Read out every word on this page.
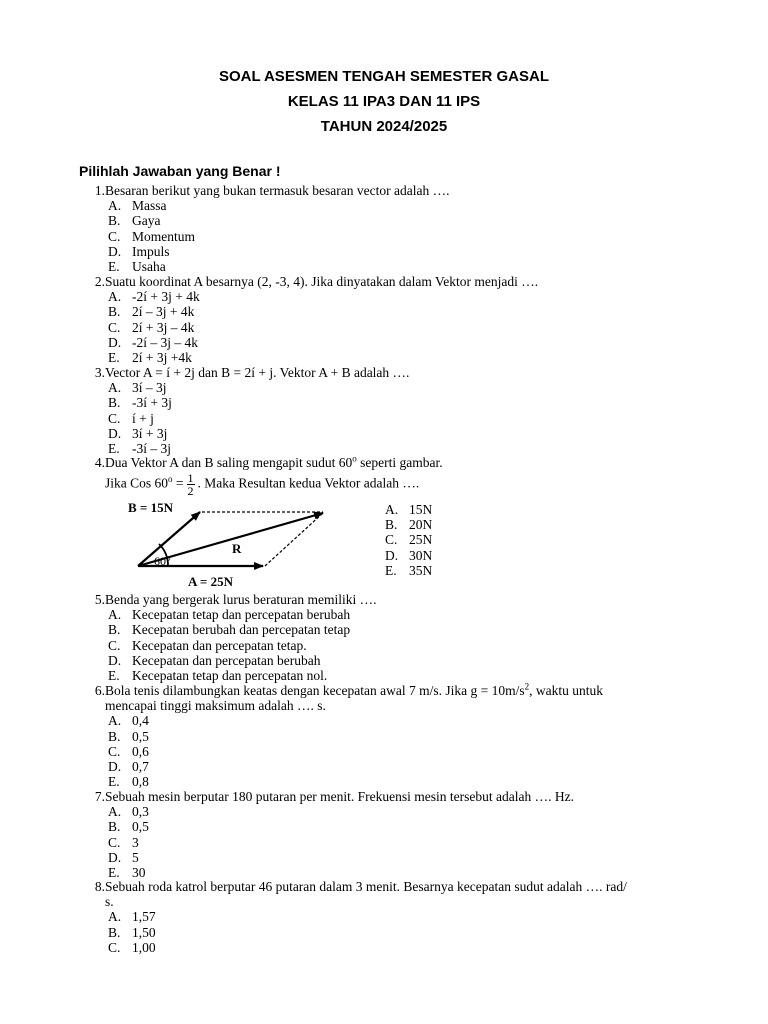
SOAL ASESMEN TENGAH SEMESTER GASAL
KELAS 11 IPA3 DAN 11 IPS
TAHUN 2024/2025
Pilihlah Jawaban yang Benar !
1. Besaran berikut yang bukan termasuk besaran vector adalah ….
A. Massa
B. Gaya
C. Momentum
D. Impuls
E. Usaha
2. Suatu koordinat A besarnya (2, -3, 4). Jika dinyatakan dalam Vektor menjadi ….
A. -2í + 3j + 4k
B. 2í – 3j + 4k
C. 2í + 3j – 4k
D. -2í – 3j – 4k
E. 2í + 3j +4k
3. Vector A = í + 2j dan B = 2í + j. Vektor A + B adalah ….
A. 3í – 3j
B. -3í + 3j
C. í + j
D. 3í + 3j
E. -3í – 3j
4. Dua Vektor A dan B saling mengapit sudut 60$^o$ seperti gambar.
Jika Cos $60^o = \frac{1}{2}$ . Maka Resultan kedua Vektor adalah ….
A. 15N
B. 20N
C. 25N
D. 30N
E. 35N
B = 15N
A = 25N
R
60°
5. Benda yang bergerak lurus beraturan memiliki ….
A. Kecepatan tetap dan percepatan berubah
B. Kecepatan berubah dan percepatan tetap
C. Kecepatan dan percepatan tetap.
D. Kecepatan dan percepatan berubah
E. Kecepatan tetap dan percepatan nol.
6. Bola tenis dilambungkan keatas dengan kecepatan awal 7 m/s. Jika $g = 10m/s^2$, waktu untuk
mencapai tinggi maksimum adalah …. s.
A. 0,4
B. 0,5
C. 0,6
D. 0,7
E. 0,8
7. Sebuah mesin berputar 180 putaran per menit. Frekuensi mesin tersebut adalah …. Hz.
A. 0,3
B. 0,5
C. 3
D. 5
E. 30
8. Sebuah roda katrol berputar 46 putaran dalam 3 menit. Besarnya kecepatan sudut adalah …. rad/
s.
A. 1,57
B. 1,50
C. 1,00
